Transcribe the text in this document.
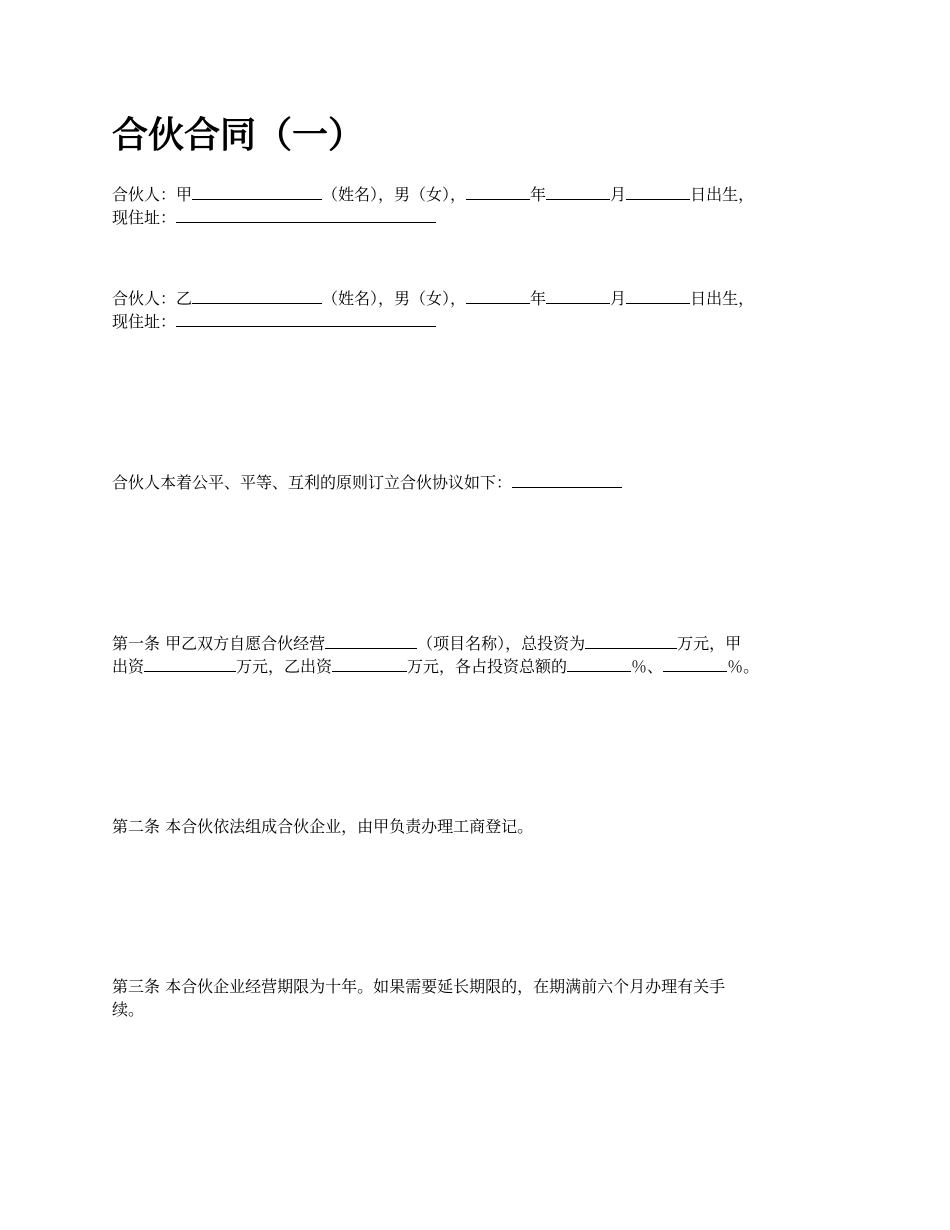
合伙合同（一）
合伙人：甲	（姓名），男（女），	年	月	日出生，
现住址：
合伙人：乙	（姓名），男（女），	年	月	日出生，
现住址：
合伙人本着公平、平等、互利的原则订立合伙协议如下：
第一条 甲乙双方自愿合伙经营	（项目名称），总投资为	万元，甲
出资	万元，乙出资	万元，各占投资总额的	％、	％。
第二条 本合伙依法组成合伙企业，由甲负责办理工商登记。
第三条 本合伙企业经营期限为十年。如果需要延长期限的，在期满前六个月办理有关手
续。
